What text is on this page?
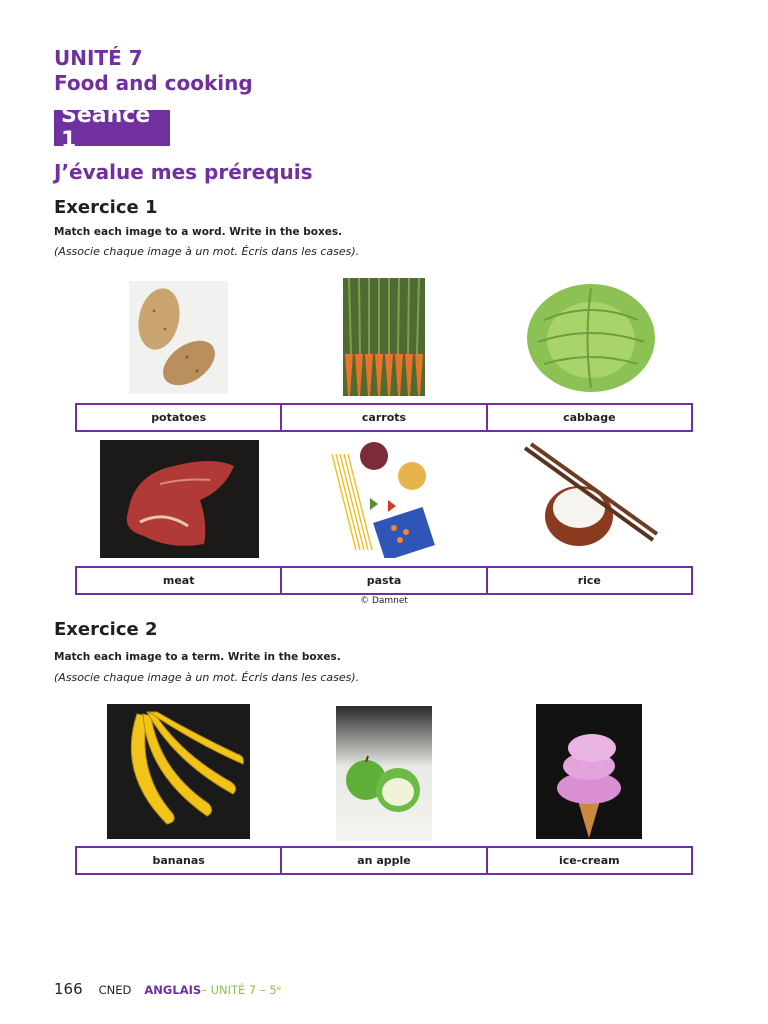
UNITÉ 7
Food and cooking
Séance 1
J’évalue mes prérequis
Exercice 1
Match each image to a word. Write in the boxes.
(Associe chaque image à un mot. Écris dans les cases).
potatoes	carrots	cabbage
meat	pasta	rice
© Damnet
Exercice 2
Match each image to a term. Write in the boxes.
(Associe chaque image à un mot. Écris dans les cases).
bananas	an apple	ice-cream
166 CNED ANGLAIS – UNITÉ 7 – 5ᵉ
